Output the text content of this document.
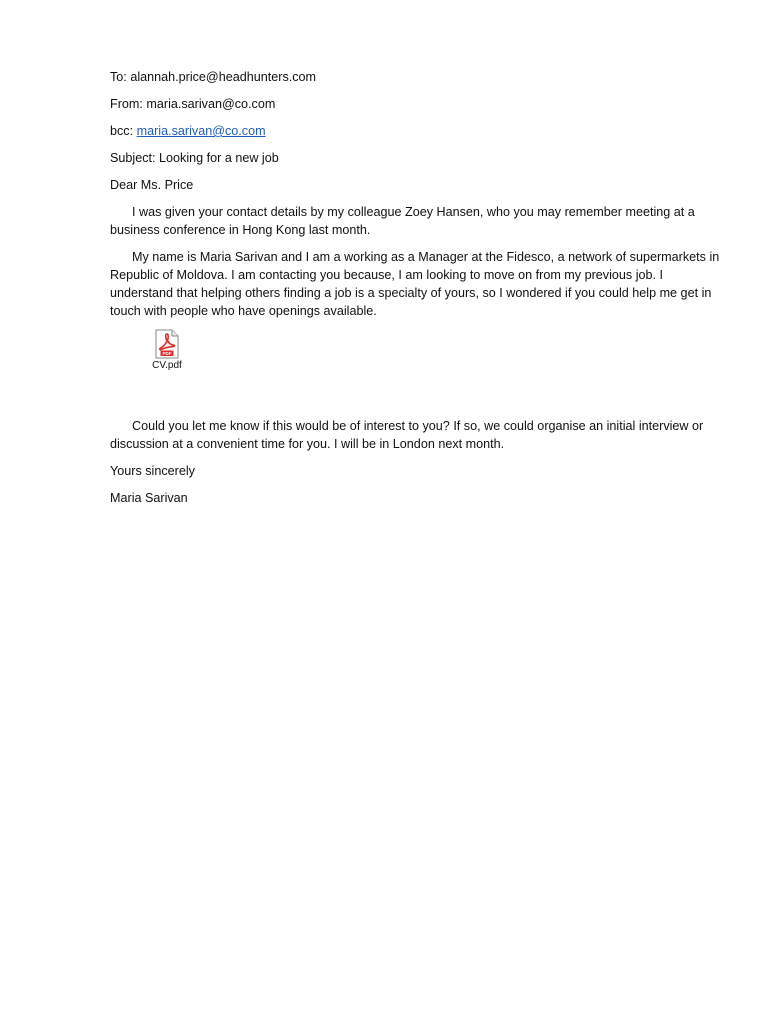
To: alannah.price@headhunters.com
From: maria.sarivan@co.com
bcc: maria.sarivan@co.com
Subject: Looking for a new job
Dear Ms. Price
I was given your contact details by my colleague Zoey Hansen, who you may remember meeting at a business conference in Hong Kong last month.
My name is Maria Sarivan and I am a working as a Manager at the Fidesco, a network of supermarkets in Republic of Moldova. I am contacting you because, I am looking to move on from my previous job. I understand that helping others finding a job is a specialty of yours, so I wondered if you could help me get in touch with people who have openings available.
PDF
CV.pdf
Could you let me know if this would be of interest to you? If so, we could organise an initial interview or discussion at a convenient time for you. I will be in London next month.
Yours sincerely
Maria Sarivan
